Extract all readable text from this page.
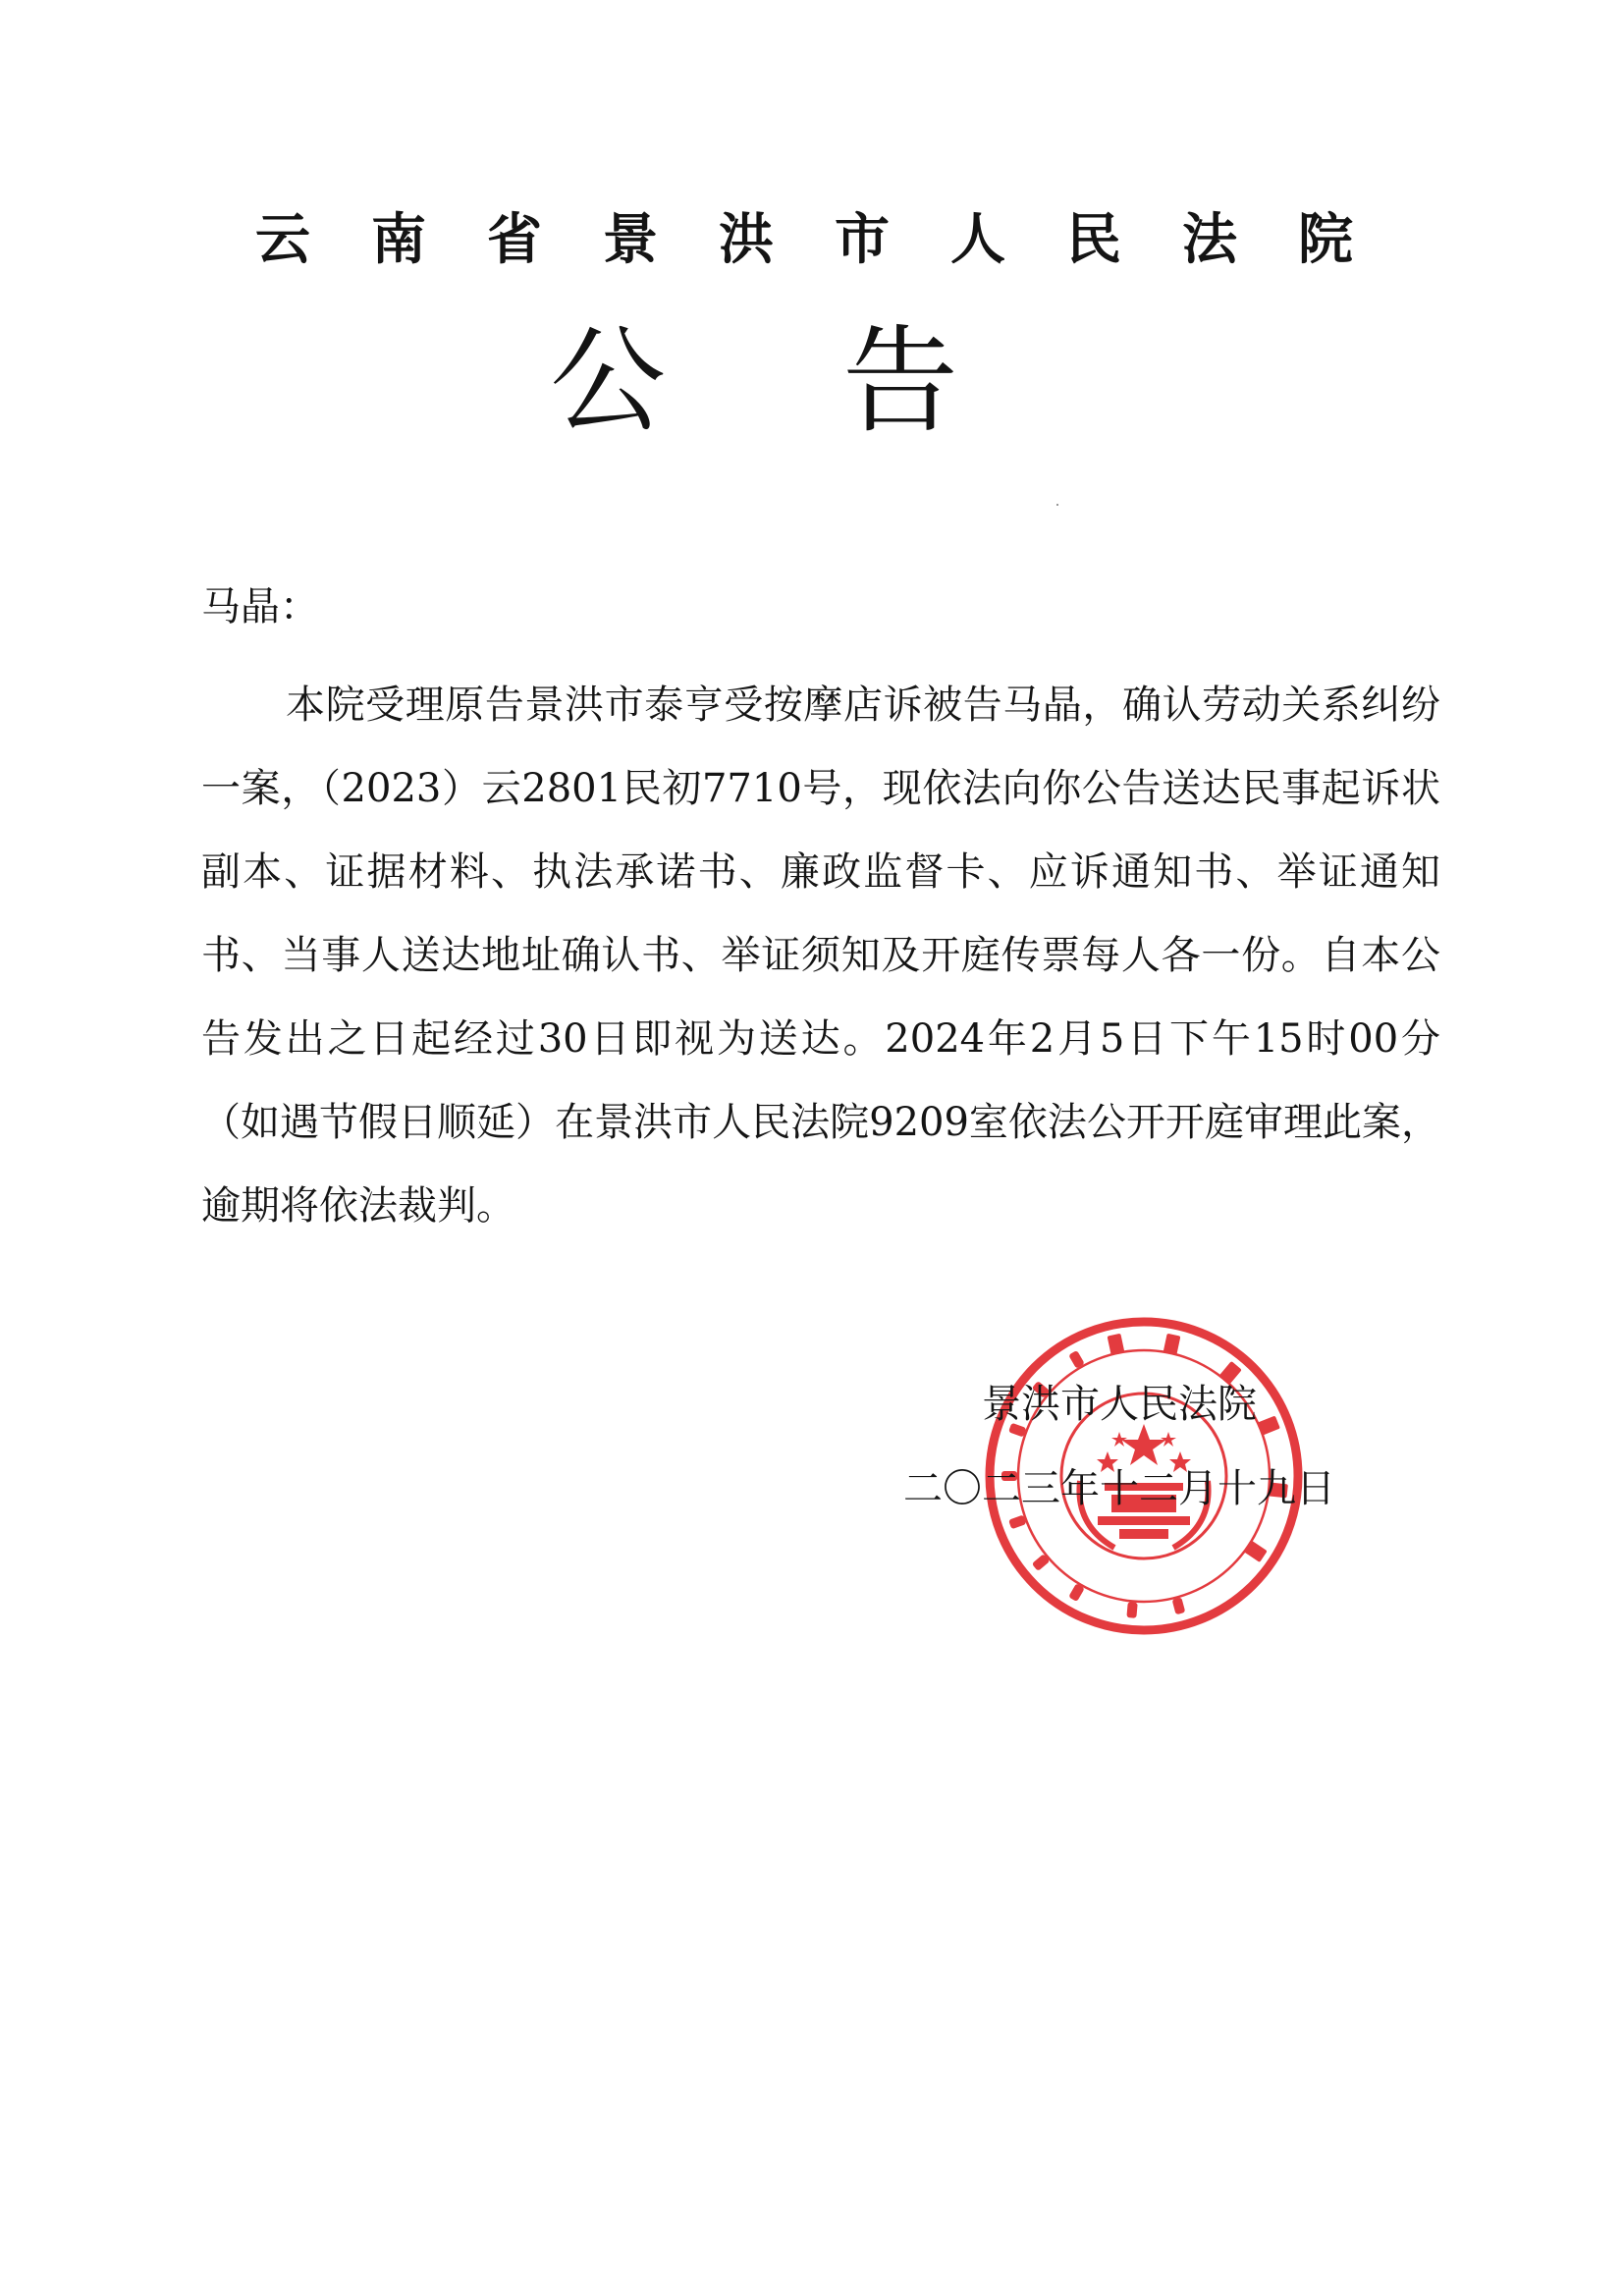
云南省景洪市人民法院
公告
马晶：

本院受理原告景洪市泰亨受按摩店诉被告马晶，确认劳动关系纠纷一案，（2023）云2801民初7710号，现依法向你公告送达民事起诉状副本、证据材料、执法承诺书、廉政监督卡、应诉通知书、举证通知书、当事人送达地址确认书、举证须知及开庭传票每人各一份。自本公告发出之日起经过30日即视为送达。2024年2月5日下午15时00分（如遇节假日顺延）在景洪市人民法院9209室依法公开开庭审理此案，逾期将依法裁判。

景洪市人民法院
二〇二三年十二月十九日
